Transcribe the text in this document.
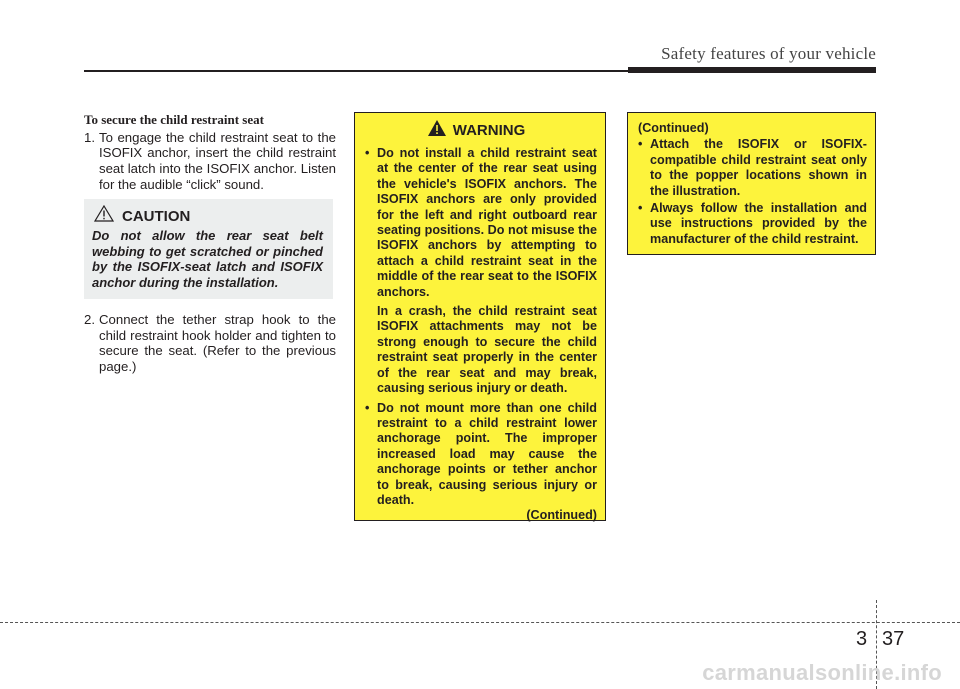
Safety features of your vehicle
To secure the child restraint seat
1. To engage the child restraint seat to the ISOFIX anchor, insert the child restraint seat latch into the ISOFIX anchor. Listen for the audible “click” sound.
CAUTION
Do not allow the rear seat belt webbing to get scratched or pinched by the ISOFIX-seat latch and ISOFIX anchor during the installation.
2. Connect the tether strap hook to the child restraint hook holder and tighten to secure the seat. (Refer to the previous page.)
WARNING
• Do not install a child restraint seat at the center of the rear seat using the vehicle's ISOFIX anchors. The ISOFIX anchors are only provided for the left and right outboard rear seating positions. Do not misuse the ISOFIX anchors by attempting to attach a child restraint seat in the middle of the rear seat to the ISOFIX anchors.
In a crash, the child restraint seat ISOFIX attachments may not be strong enough to secure the child restraint seat properly in the center of the rear seat and may break, causing serious injury or death.
• Do not mount more than one child restraint to a child restraint lower anchorage point. The improper increased load may cause the anchorage points or tether anchor to break, causing serious injury or death.
(Continued)
(Continued)
• Attach the ISOFIX or ISOFIX-compatible child restraint seat only to the popper locations shown in the illustration.
• Always follow the installation and use instructions provided by the manufacturer of the child restraint.
3 37
carmanualsonline.info
